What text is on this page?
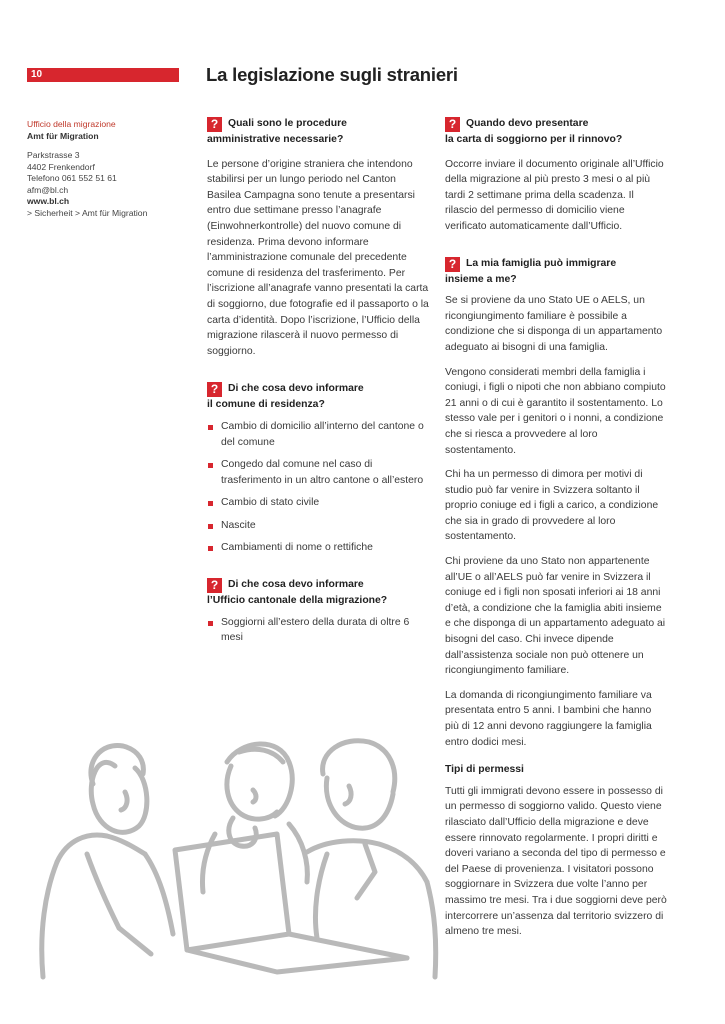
10	La legislazione sugli stranieri
Ufficio della migrazione
Amt für Migration
Parkstrasse 3
4402 Frenkendorf
Telefono 061 552 51 61
afm@bl.ch
www.bl.ch
> Sicherheit > Amt für Migration
? Quali sono le procedure
amministrative necessarie?

Le persone d’origine straniera che intendono stabilirsi per un lungo periodo nel Canton Basilea Campagna sono tenute a presentarsi entro due settimane presso l’anagrafe (Einwohnerkontrolle) del nuovo comune di residenza. Prima devono informare l’amministrazione comunale del precedente comune di residenza del trasferimento. Per l’iscrizione all’anagrafe vanno presentati la carta di soggiorno, due fotografie ed il passaporto o la carta d’identità. Dopo l’iscrizione, l’Ufficio della migrazione rilascerà il nuovo permesso di soggiorno.

? Di che cosa devo informare
il comune di residenza?
Cambio di domicilio all’interno del cantone o del comune
Congedo dal comune nel caso di trasferimento in un altro cantone o all’estero
Cambio di stato civile
Nascite
Cambiamenti di nome o rettifiche
? Di che cosa devo informare
l’Ufficio cantonale della migrazione?
Soggiorni all’estero della durata di oltre 6 mesi
? Quando devo presentare
la carta di soggiorno per il rinnovo?

Occorre inviare il documento originale all’Ufficio della migrazione al più presto 3 mesi o al più tardi 2 settimane prima della scadenza. Il rilascio del permesso di domicilio viene verificato automaticamente dall’Ufficio.

? La mia famiglia può immigrare
insieme a me?

Se si proviene da uno Stato UE o AELS, un ricongiungimento familiare è possibile a condizione che si disponga di un appartamento adeguato ai bisogni di una famiglia.

Vengono considerati membri della famiglia i coniugi, i figli o nipoti che non abbiano compiuto 21 anni o di cui è garantito il sostentamento. Lo stesso vale per i genitori o i nonni, a condizione che si riesca a provvedere al loro sostentamento.

Chi ha un permesso di dimora per motivi di studio può far venire in Svizzera soltanto il proprio coniuge ed i figli a carico, a condizione che sia in grado di provvedere al loro sostentamento.

Chi proviene da uno Stato non appartenente all’UE o all’AELS può far venire in Svizzera il coniuge ed i figli non sposati inferiori ai 18 anni d’età, a condizione che la famiglia abiti insieme e che disponga di un appartamento adeguato ai bisogni del caso. Chi invece dipende dall’assistenza sociale non può ottenere un ricongiungimento familiare.

La domanda di ricongiungimento familiare va presentata entro 5 anni. I bambini che hanno più di 12 anni devono raggiungere la famiglia entro dodici mesi.

Tipi di permessi

Tutti gli immigrati devono essere in possesso di un permesso di soggiorno valido. Questo viene rilasciato dall’Ufficio della migrazione e deve essere rinnovato regolarmente. I propri diritti e doveri variano a seconda del tipo di permesso e del Paese di provenienza. I visitatori possono soggiornare in Svizzera due volte l’anno per massimo tre mesi. Tra i due soggiorni deve però intercorrere un’assenza dal territorio svizzero di almeno tre mesi.
